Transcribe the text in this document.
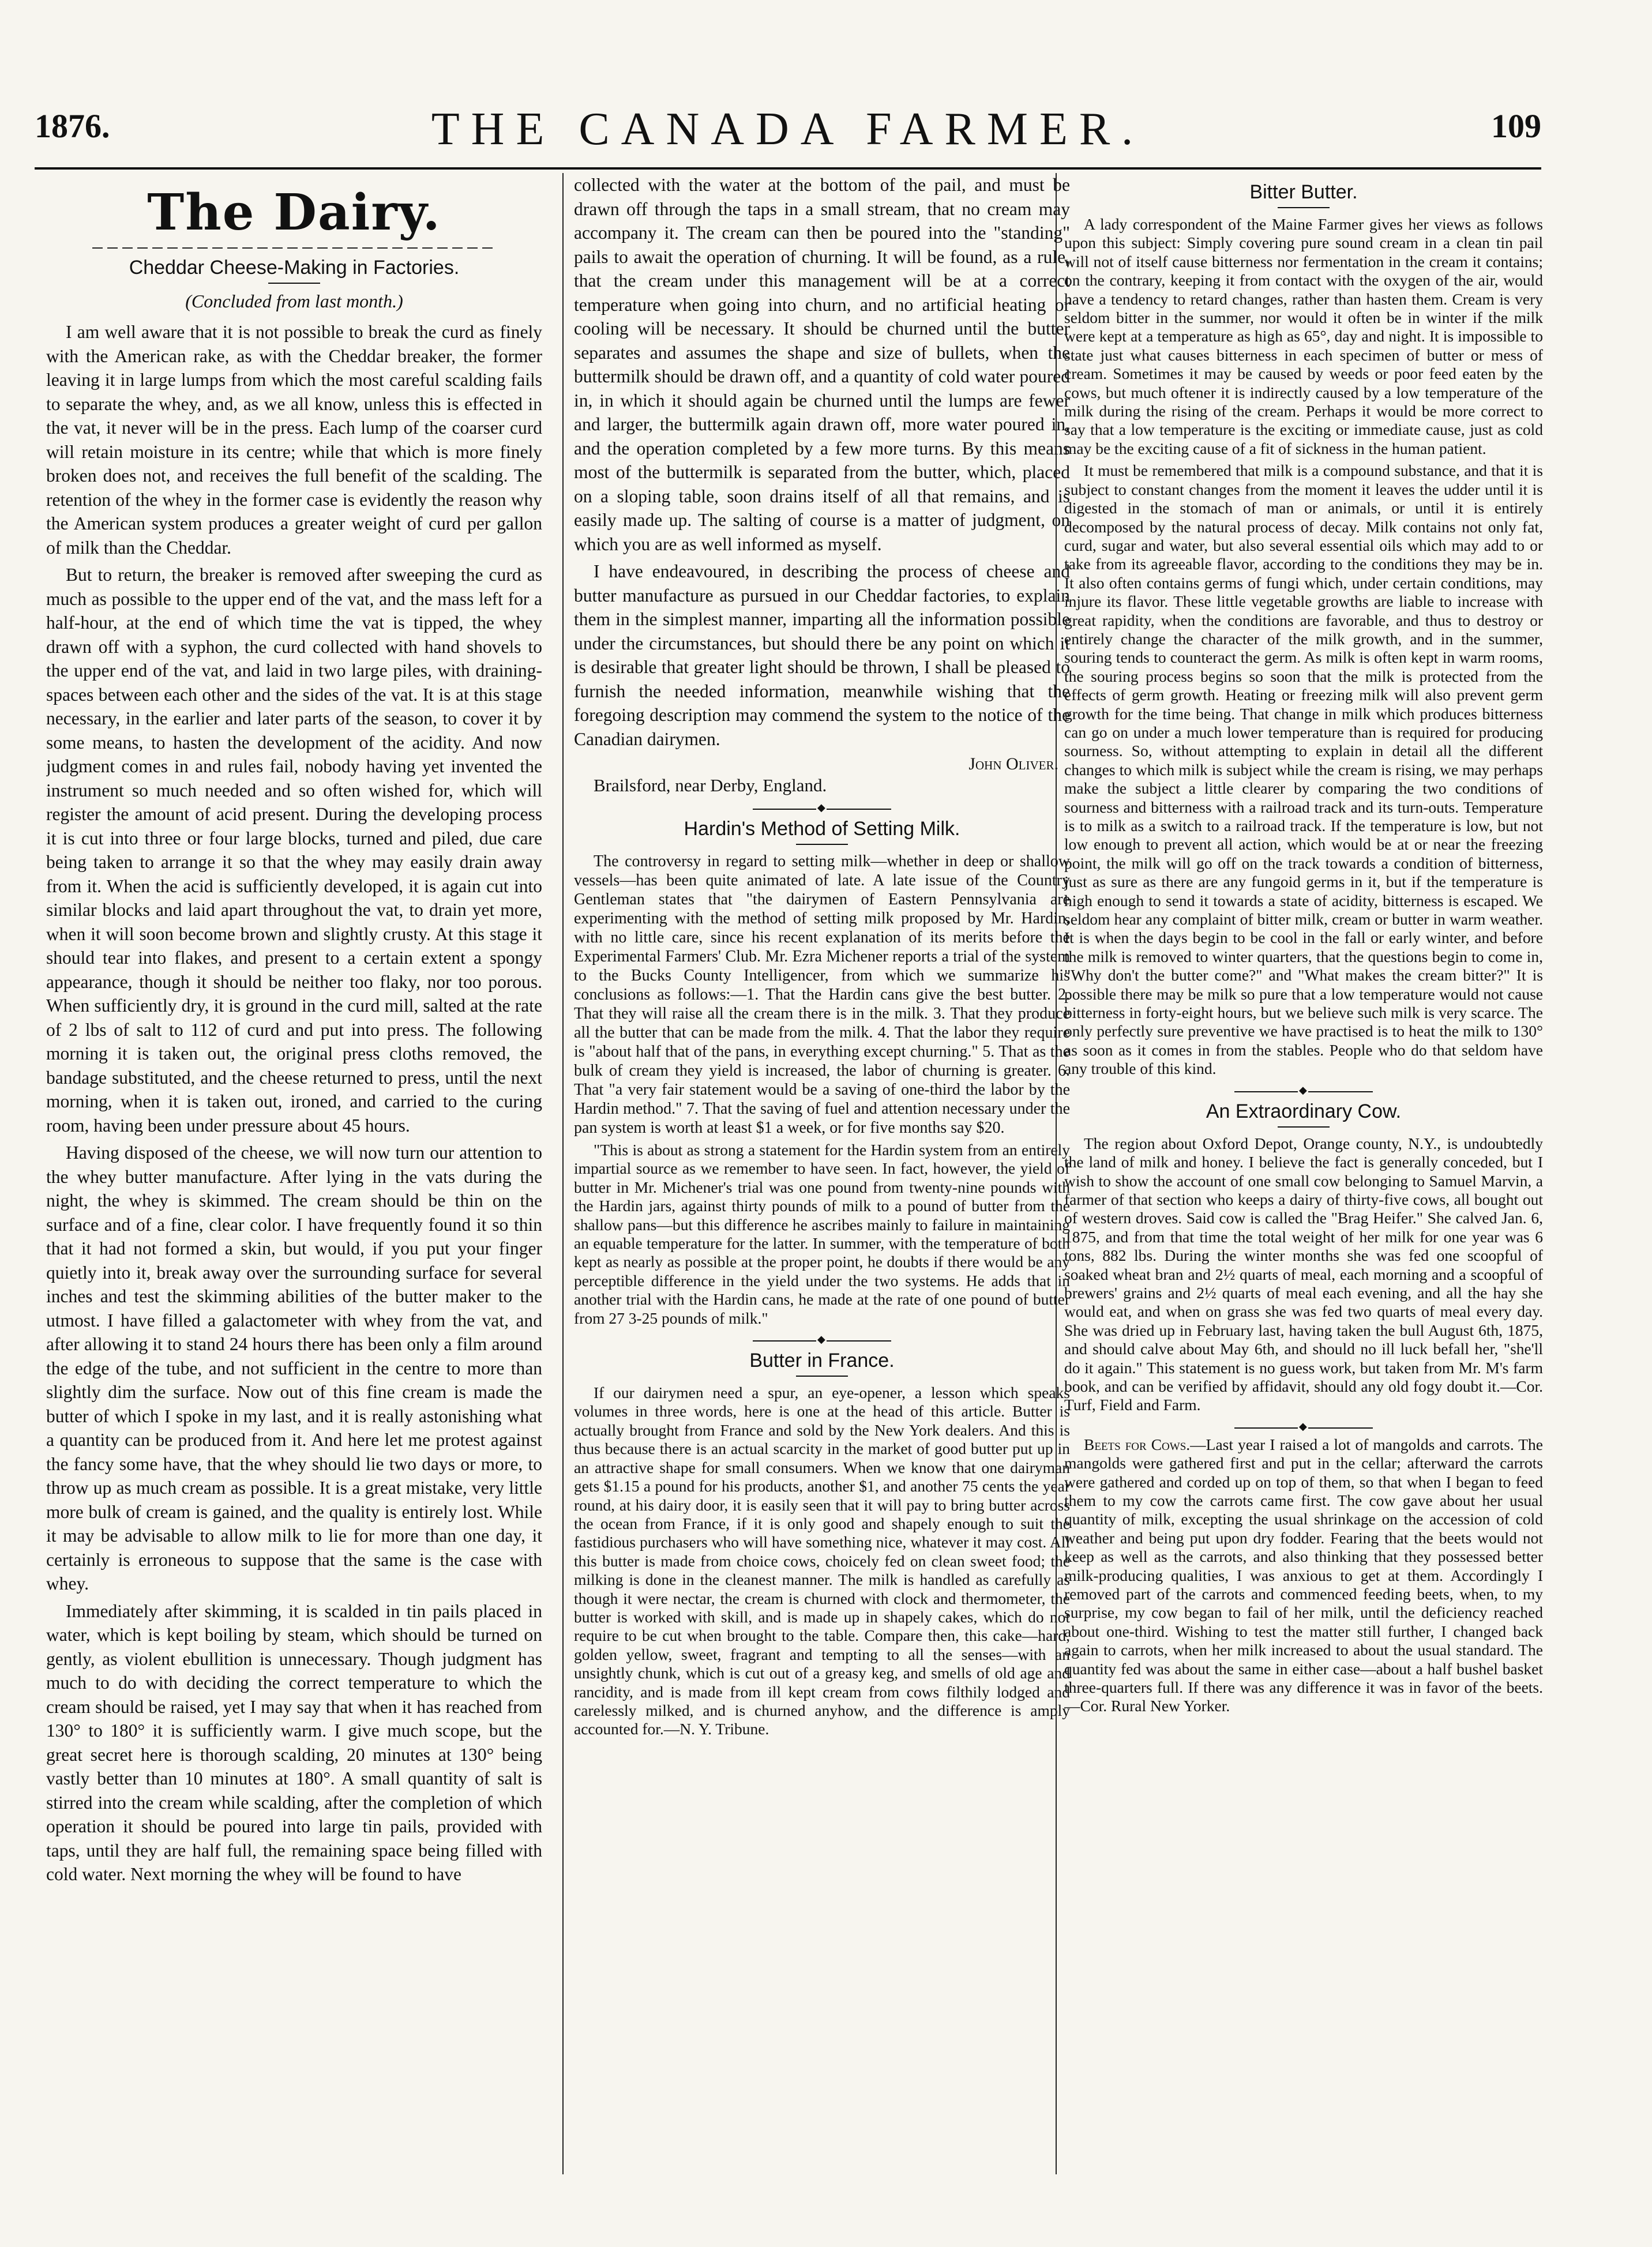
1876.	THE CANADA FARMER.	109
The Dairy.
Cheddar Cheese-Making in Factories.
(Concluded from last month.)

I am well aware that it is not possible to break the curd as finely with the American rake, as with the Cheddar breaker, the former leaving it in large lumps from which the most careful scalding fails to separate the whey, and, as we all know, unless this is effected in the vat, it never will be in the press. Each lump of the coarser curd will retain moisture in its centre; while that which is more finely broken does not, and receives the full benefit of the scalding. The retention of the whey in the former case is evidently the reason why the American system produces a greater weight of curd per gallon of milk than the Cheddar.

But to return, the breaker is removed after sweeping the curd as much as possible to the upper end of the vat, and the mass left for a half-hour, at the end of which time the vat is tipped, the whey drawn off with a syphon, the curd collected with hand shovels to the upper end of the vat, and laid in two large piles, with draining-spaces between each other and the sides of the vat. It is at this stage necessary, in the earlier and later parts of the season, to cover it by some means, to hasten the development of the acidity. And now judgment comes in and rules fail, nobody having yet invented the instrument so much needed and so often wished for, which will register the amount of acid present. During the developing process it is cut into three or four large blocks, turned and piled, due care being taken to arrange it so that the whey may easily drain away from it. When the acid is sufficiently developed, it is again cut into similar blocks and laid apart throughout the vat, to drain yet more, when it will soon become brown and slightly crusty. At this stage it should tear into flakes, and present to a certain extent a spongy appearance, though it should be neither too flaky, nor too porous. When sufficiently dry, it is ground in the curd mill, salted at the rate of 2 lbs of salt to 112 of curd and put into press. The following morning it is taken out, the original press cloths removed, the bandage substituted, and the cheese returned to press, until the next morning, when it is taken out, ironed, and carried to the curing room, having been under pressure about 45 hours.

Having disposed of the cheese, we will now turn our attention to the whey butter manufacture. After lying in the vats during the night, the whey is skimmed. The cream should be thin on the surface and of a fine, clear color. I have frequently found it so thin that it had not formed a skin, but would, if you put your finger quietly into it, break away over the surrounding surface for several inches and test the skimming abilities of the butter maker to the utmost. I have filled a galactometer with whey from the vat, and after allowing it to stand 24 hours there has been only a film around the edge of the tube, and not sufficient in the centre to more than slightly dim the surface. Now out of this fine cream is made the butter of which I spoke in my last, and it is really astonishing what a quantity can be produced from it. And here let me protest against the fancy some have, that the whey should lie two days or more, to throw up as much cream as possible. It is a great mistake, very little more bulk of cream is gained, and the quality is entirely lost. While it may be advisable to allow milk to lie for more than one day, it certainly is erroneous to suppose that the same is the case with whey.

Immediately after skimming, it is scalded in tin pails placed in water, which is kept boiling by steam, which should be turned on gently, as violent ebullition is unnecessary. Though judgment has much to do with deciding the correct temperature to which the cream should be raised, yet I may say that when it has reached from 130° to 180° it is sufficiently warm. I give much scope, but the great secret here is thorough scalding, 20 minutes at 130° being vastly better than 10 minutes at 180°. A small quantity of salt is stirred into the cream while scalding, after the completion of which operation it should be poured into large tin pails, provided with taps, until they are half full, the remaining space being filled with cold water. Next morning the whey will be found to have

collected with the water at the bottom of the pail, and must be drawn off through the taps in a small stream, that no cream may accompany it. The cream can then be poured into the "standing" pails to await the operation of churning. It will be found, as a rule, that the cream under this management will be at a correct temperature when going into churn, and no artificial heating or cooling will be necessary. It should be churned until the butter separates and assumes the shape and size of bullets, when the buttermilk should be drawn off, and a quantity of cold water poured in, in which it should again be churned until the lumps are fewer and larger, the buttermilk again drawn off, more water poured in, and the operation completed by a few more turns. By this means most of the buttermilk is separated from the butter, which, placed on a sloping table, soon drains itself of all that remains, and is easily made up. The salting of course is a matter of judgment, on which you are as well informed as myself.

I have endeavoured, in describing the process of cheese and butter manufacture as pursued in our Cheddar factories, to explain them in the simplest manner, imparting all the information possible under the circumstances, but should there be any point on which it is desirable that greater light should be thrown, I shall be pleased to furnish the needed information, meanwhile wishing that the foregoing description may commend the system to the notice of the Canadian dairymen.

John Oliver.
Brailsford, near Derby, England.
◆
Hardin's Method of Setting Milk.

The controversy in regard to setting milk—whether in deep or shallow vessels—has been quite animated of late. A late issue of the Country Gentleman states that "the dairymen of Eastern Pennsylvania are experimenting with the method of setting milk proposed by Mr. Hardin, with no little care, since his recent explanation of its merits before the Experimental Farmers' Club. Mr. Ezra Michener reports a trial of the system to the Bucks County Intelligencer, from which we summarize his conclusions as follows:—1. That the Hardin cans give the best butter. 2. That they will raise all the cream there is in the milk. 3. That they produce all the butter that can be made from the milk. 4. That the labor they require is "about half that of the pans, in everything except churning." 5. That as the bulk of cream they yield is increased, the labor of churning is greater. 6. That "a very fair statement would be a saving of one-third the labor by the Hardin method." 7. That the saving of fuel and attention necessary under the pan system is worth at least $1 a week, or for five months say $20.

"This is about as strong a statement for the Hardin system from an entirely impartial source as we remember to have seen. In fact, however, the yield of butter in Mr. Michener's trial was one pound from twenty-nine pounds with the Hardin jars, against thirty pounds of milk to a pound of butter from the shallow pans—but this difference he ascribes mainly to failure in maintaining an equable temperature for the latter. In summer, with the temperature of both kept as nearly as possible at the proper point, he doubts if there would be any perceptible difference in the yield under the two systems. He adds that in another trial with the Hardin cans, he made at the rate of one pound of butter from 27 3-25 pounds of milk."

◆
Butter in France.

If our dairymen need a spur, an eye-opener, a lesson which speaks volumes in three words, here is one at the head of this article. Butter is actually brought from France and sold by the New York dealers. And this is thus because there is an actual scarcity in the market of good butter put up in an attractive shape for small consumers. When we know that one dairyman gets $1.15 a pound for his products, another $1, and another 75 cents the year round, at his dairy door, it is easily seen that it will pay to bring butter across the ocean from France, if it is only good and shapely enough to suit the fastidious purchasers who will have something nice, whatever it may cost. All this butter is made from choice cows, choicely fed on clean sweet food; the milking is done in the cleanest manner. The milk is handled as carefully as though it were nectar, the cream is churned with clock and thermometer, the butter is worked with skill, and is made up in shapely cakes, which do not require to be cut when brought to the table. Compare then, this cake—hard, golden yellow, sweet, fragrant and tempting to all the senses—with an unsightly chunk, which is cut out of a greasy keg, and smells of old age and rancidity, and is made from ill kept cream from cows filthily lodged and carelessly milked, and is churned anyhow, and the difference is amply accounted for.—N. Y. Tribune.

Bitter Butter.

A lady correspondent of the Maine Farmer gives her views as follows upon this subject: Simply covering pure sound cream in a clean tin pail will not of itself cause bitterness nor fermentation in the cream it contains; on the contrary, keeping it from contact with the oxygen of the air, would have a tendency to retard changes, rather than hasten them. Cream is very seldom bitter in the summer, nor would it often be in winter if the milk were kept at a temperature as high as 65°, day and night. It is impossible to state just what causes bitterness in each specimen of butter or mess of cream. Sometimes it may be caused by weeds or poor feed eaten by the cows, but much oftener it is indirectly caused by a low temperature of the milk during the rising of the cream. Perhaps it would be more correct to say that a low temperature is the exciting or immediate cause, just as cold may be the exciting cause of a fit of sickness in the human patient.

It must be remembered that milk is a compound substance, and that it is subject to constant changes from the moment it leaves the udder until it is digested in the stomach of man or animals, or until it is entirely decomposed by the natural process of decay. Milk contains not only fat, curd, sugar and water, but also several essential oils which may add to or take from its agreeable flavor, according to the conditions they may be in. It also often contains germs of fungi which, under certain conditions, may injure its flavor. These little vegetable growths are liable to increase with great rapidity, when the conditions are favorable, and thus to destroy or entirely change the character of the milk growth, and in the summer, souring tends to counteract the germ. As milk is often kept in warm rooms, the souring process begins so soon that the milk is protected from the effects of germ growth. Heating or freezing milk will also prevent germ growth for the time being. That change in milk which produces bitterness can go on under a much lower temperature than is required for producing sourness. So, without attempting to explain in detail all the different changes to which milk is subject while the cream is rising, we may perhaps make the subject a little clearer by comparing the two conditions of sourness and bitterness with a railroad track and its turn-outs. Temperature is to milk as a switch to a railroad track. If the temperature is low, but not low enough to prevent all action, which would be at or near the freezing point, the milk will go off on the track towards a condition of bitterness, just as sure as there are any fungoid germs in it, but if the temperature is high enough to send it towards a state of acidity, bitterness is escaped. We seldom hear any complaint of bitter milk, cream or butter in warm weather. It is when the days begin to be cool in the fall or early winter, and before the milk is removed to winter quarters, that the questions begin to come in, "Why don't the butter come?" and "What makes the cream bitter?" It is possible there may be milk so pure that a low temperature would not cause bitterness in forty-eight hours, but we believe such milk is very scarce. The only perfectly sure preventive we have practised is to heat the milk to 130° as soon as it comes in from the stables. People who do that seldom have any trouble of this kind.

◆
An Extraordinary Cow.

The region about Oxford Depot, Orange county, N.Y., is undoubtedly the land of milk and honey. I believe the fact is generally conceded, but I wish to show the account of one small cow belonging to Samuel Marvin, a farmer of that section who keeps a dairy of thirty-five cows, all bought out of western droves. Said cow is called the "Brag Heifer." She calved Jan. 6, 1875, and from that time the total weight of her milk for one year was 6 tons, 882 lbs. During the winter months she was fed one scoopful of soaked wheat bran and 2½ quarts of meal, each morning and a scoopful of brewers' grains and 2½ quarts of meal each evening, and all the hay she would eat, and when on grass she was fed two quarts of meal every day. She was dried up in February last, having taken the bull August 6th, 1875, and should calve about May 6th, and should no ill luck befall her, "she'll do it again." This statement is no guess work, but taken from Mr. M's farm book, and can be verified by affidavit, should any old fogy doubt it.—Cor. Turf, Field and Farm.

◆

Beets for Cows.—Last year I raised a lot of mangolds and carrots. The mangolds were gathered first and put in the cellar; afterward the carrots were gathered and corded up on top of them, so that when I began to feed them to my cow the carrots came first. The cow gave about her usual quantity of milk, excepting the usual shrinkage on the accession of cold weather and being put upon dry fodder. Fearing that the beets would not keep as well as the carrots, and also thinking that they possessed better milk-producing qualities, I was anxious to get at them. Accordingly I removed part of the carrots and commenced feeding beets, when, to my surprise, my cow began to fail of her milk, until the deficiency reached about one-third. Wishing to test the matter still further, I changed back again to carrots, when her milk increased to about the usual standard. The quantity fed was about the same in either case—about a half bushel basket three-quarters full. If there was any difference it was in favor of the beets.—Cor. Rural New Yorker.
